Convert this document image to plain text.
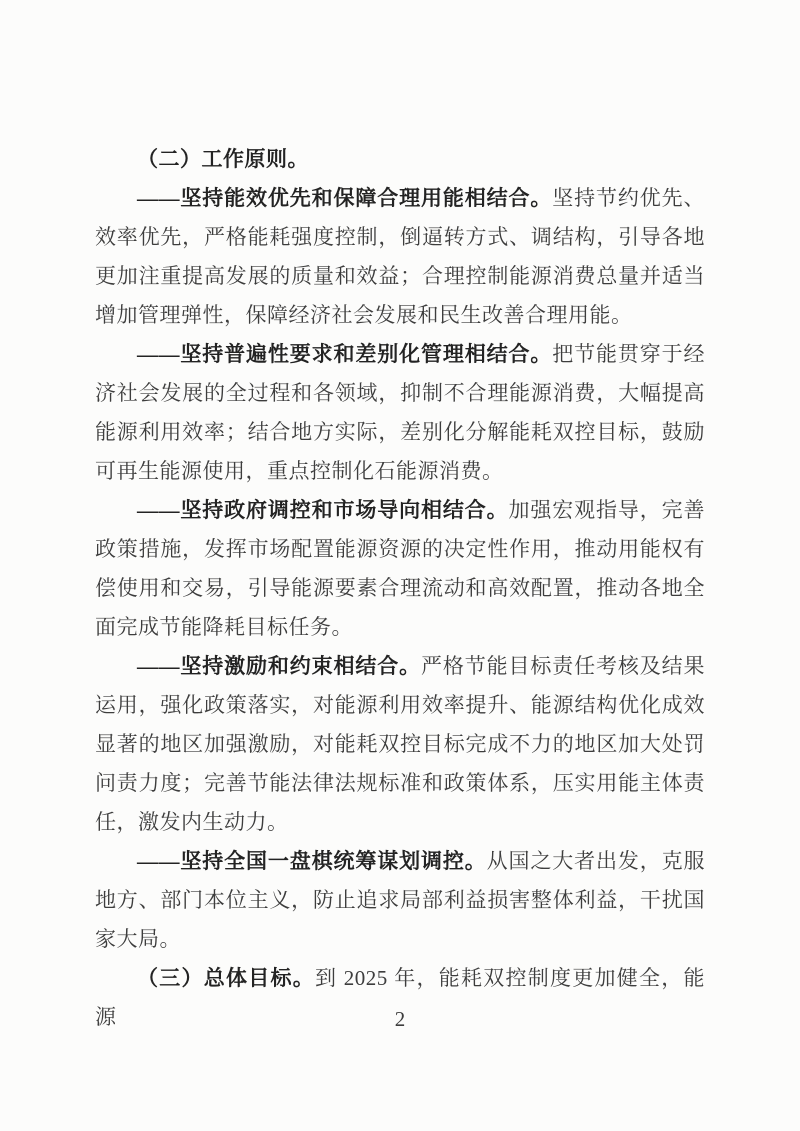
（二）工作原则。

——坚持能效优先和保障合理用能相结合。坚持节约优先、效率优先，严格能耗强度控制，倒逼转方式、调结构，引导各地更加注重提高发展的质量和效益；合理控制能源消费总量并适当增加管理弹性，保障经济社会发展和民生改善合理用能。

——坚持普遍性要求和差别化管理相结合。把节能贯穿于经济社会发展的全过程和各领域，抑制不合理能源消费，大幅提高能源利用效率；结合地方实际，差别化分解能耗双控目标，鼓励可再生能源使用，重点控制化石能源消费。

——坚持政府调控和市场导向相结合。加强宏观指导，完善政策措施，发挥市场配置能源资源的决定性作用，推动用能权有偿使用和交易，引导能源要素合理流动和高效配置，推动各地全面完成节能降耗目标任务。

——坚持激励和约束相结合。严格节能目标责任考核及结果运用，强化政策落实，对能源利用效率提升、能源结构优化成效显著的地区加强激励，对能耗双控目标完成不力的地区加大处罚问责力度；完善节能法律法规标准和政策体系，压实用能主体责任，激发内生动力。

——坚持全国一盘棋统筹谋划调控。从国之大者出发，克服地方、部门本位主义，防止追求局部利益损害整体利益，干扰国家大局。

（三）总体目标。到 2025 年，能耗双控制度更加健全，能源	2
